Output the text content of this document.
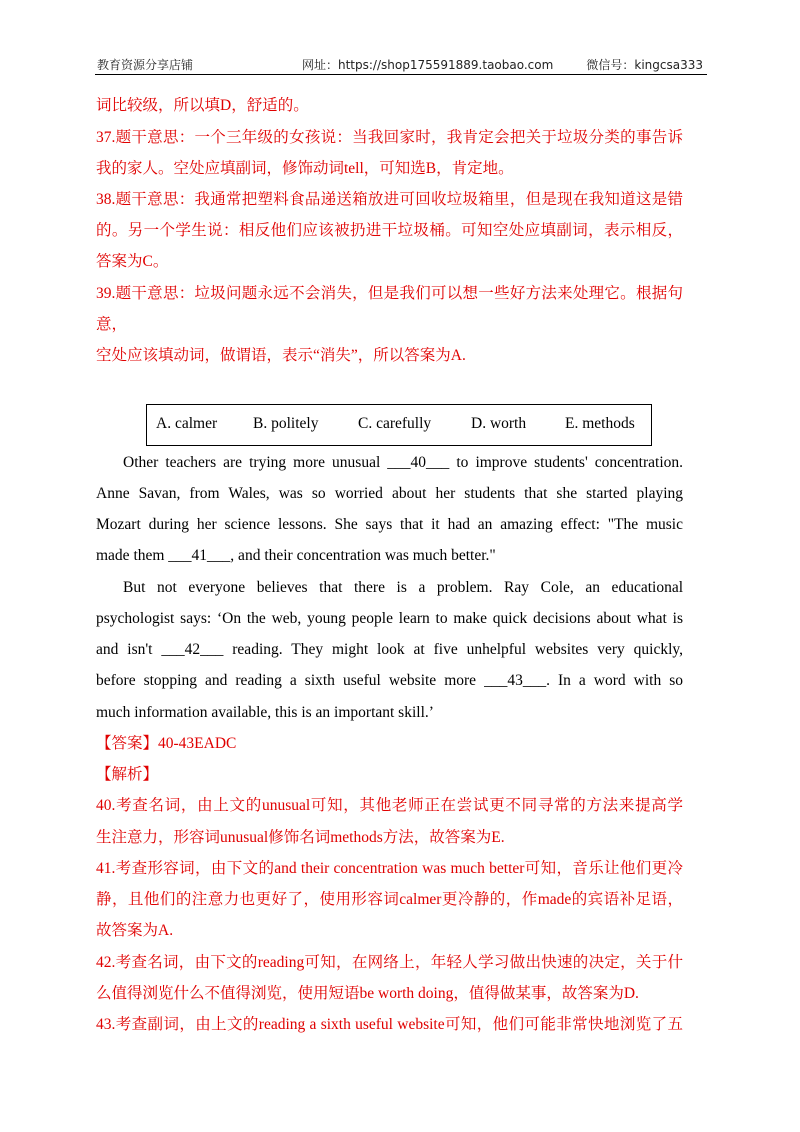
教育资源分享店铺	网址：https://shop175591889.taobao.com	微信号：kingcsa333
词比较级，所以填D，舒适的。
37.题干意思：一个三年级的女孩说：当我回家时，我肯定会把关于垃圾分类的事告诉
我的家人。空处应填副词，修饰动词tell，可知选B，肯定地。
38.题干意思：我通常把塑料食品递送箱放进可回收垃圾箱里，但是现在我知道这是错
的。另一个学生说：相反他们应该被扔进干垃圾桶。可知空处应填副词，表示相反，
答案为C。
39.题干意思：垃圾问题永远不会消失，但是我们可以想一些好方法来处理它。根据句
意，
空处应该填动词，做谓语，表示“消失”，所以答案为A.
A. calmer B. politely	C. carefully	D. worth	E. methods
Other teachers are trying more unusual ___40___ to improve students' concentration.
Anne Savan, from Wales, was so worried about her students that she started playing
Mozart during her science lessons. She says that it had an amazing effect: "The music
made them ___41___, and their concentration was much better."
But not everyone believes that there is a problem. Ray Cole, an educational
psychologist says: ‘On the web, young people learn to make quick decisions about what is
and isn't ___42___ reading. They might look at five unhelpful websites very quickly,
before stopping and reading a sixth useful website more ___43___. In a word with so
much information available, this is an important skill.’
【答案】40-43EADC
【解析】
40.考查名词，由上文的unusual可知，其他老师正在尝试更不同寻常的方法来提高学
生注意力，形容词unusual修饰名词methods方法，故答案为E.
41.考查形容词，由下文的and their concentration was much better可知，音乐让他们更冷
静，且他们的注意力也更好了，使用形容词calmer更冷静的，作made的宾语补足语，
故答案为A.
42.考查名词，由下文的reading可知，在网络上，年轻人学习做出快速的决定，关于什
么值得浏览什么不值得浏览，使用短语be worth doing，值得做某事，故答案为D.
43.考查副词，由上文的reading a sixth useful website可知，他们可能非常快地浏览了五
